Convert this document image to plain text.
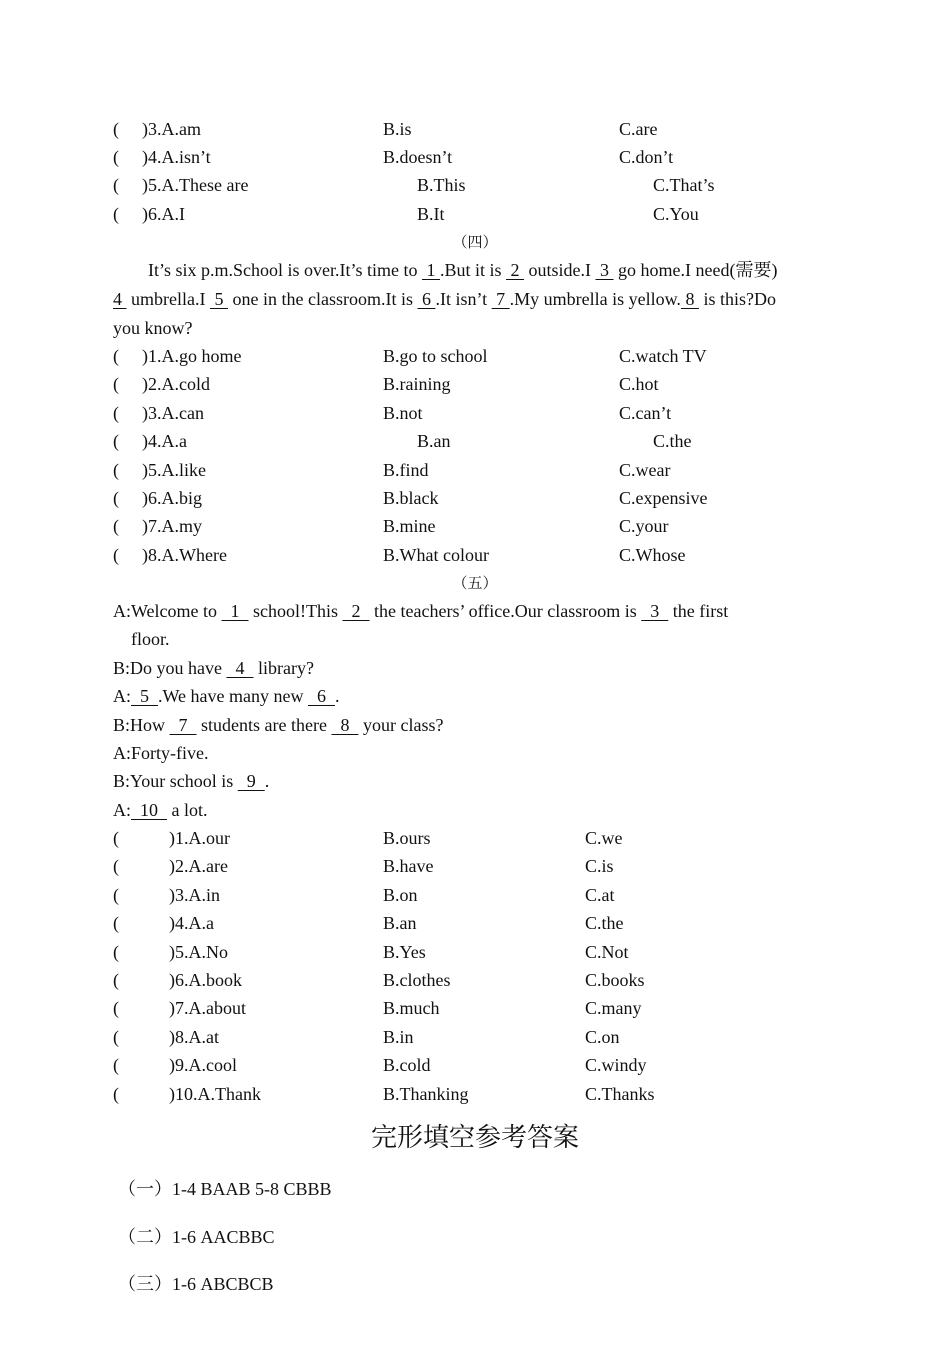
( )3.A.am	B.is	C.are
( )4.A.isn’t	B.doesn’t	C.don’t
( )5.A.These are	B.This	C.That’s
( )6.A.I	B.It	C.You
（四）
It’s six p.m.School is over.It’s time to  1 .But it is  2  outside.I  3  go home.I need(需要)
4  umbrella.I  5  one in the classroom.It is  6 .It isn’t  7 .My umbrella is yellow. 8  is this?Do
you know?
( )1.A.go home	B.go to school	C.watch TV
( )2.A.cold	B.raining	C.hot
( )3.A.can	B.not	C.can’t
( )4.A.a	B.an	C.the
( )5.A.like	B.find	C.wear
( )6.A.big	B.black	C.expensive
( )7.A.my	B.mine	C.your
( )8.A.Where	B.What colour	C.Whose
（五）
A:Welcome to   1   school!This   2   the teachers’ office.Our classroom is   3   the first
floor.
B:Do you have   4   library?
A:  5  .We have many new   6  .
B:How   7   students are there   8   your class?
A:Forty-five.
B:Your school is   9  .
A:  10   a lot.
(	)1.A.our	B.ours	C.we
(	)2.A.are	B.have	C.is
(	)3.A.in	B.on	C.at
(	)4.A.a	B.an	C.the
(	)5.A.No	B.Yes	C.Not
(	)6.A.book	B.clothes	C.books
(	)7.A.about	B.much	C.many
(	)8.A.at	B.in	C.on
(	)9.A.cool	B.cold	C.windy
(	)10.A.Thank	B.Thanking	C.Thanks
完形填空参考答案
（一）1-4 BAAB 5-8 CBBB
（二）1-6 AACBBC
（三）1-6 ABCBCB
